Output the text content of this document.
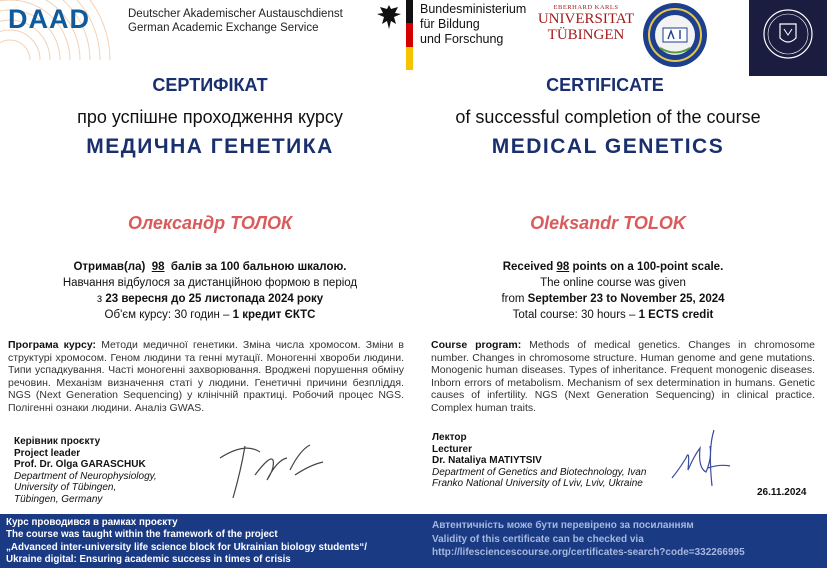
DAAD	Deutscher Akademischer Austauschdienst
German Academic Exchange Service
Bundesministerium
für Bildung
und Forschung
EBERHARD KARLS
UNIVERSITAT
TÜBINGEN
СЕРТИФІКАТ	CERTIFICATE
про успішне проходження курсу	of successful completion of the course
МЕДИЧНА ГЕНЕТИКА	MEDICAL GENETICS
Олександр ТОЛОК	Oleksandr TOLOK
Отримав(ла) 98 балів за 100 бальною шкалою.
Навчання відбулося за дистанційною формою в період
з 23 вересня до 25 листопада 2024 року
Об'єм курсу: 30 годин – 1 кредит ЄКТС
Received 98 points on a 100-point scale.
The online course was given
from September 23 to November 25, 2024
Total course: 30 hours – 1 ECTS credit
Програма курсу: Методи медичної генетики. Зміна числа хромосом. Зміни в структурі хромосом. Геном людини та генні мутації. Моногенні хвороби людини. Типи успадкування. Часті моногенні захворювання. Вроджені порушення обміну речовин. Механізм визначення статі у людини. Генетичні причини безпліддя. NGS (Next Generation Sequencing) у клінічній практиці. Робочий процес NGS. Полігенні ознаки людини. Аналіз GWAS.
Course program: Methods of medical genetics. Changes in chromosome number. Changes in chromosome structure. Human genome and gene mutations. Monogenic human diseases. Types of inheritance. Frequent monogenic diseases. Inborn errors of metabolism. Mechanism of sex determination in humans. Genetic causes of infertility. NGS (Next Generation Sequencing) in clinical practice. Complex human traits.
Керівник проєкту
Project leader
Prof. Dr. Olga GARASCHUK
Department of Neurophysiology,
University of Tübingen,
Tübingen, Germany
Лектор
Lecturer
Dr. Nataliya MATIYTSIV
Department of Genetics and Biotechnology, Ivan
Franko National University of Lviv, Lviv, Ukraine
26.11.2024
Курс проводився в рамках проєкту
The course was taught within the framework of the project
„Advanced inter-university life science block for Ukrainian biology students“/
Ukraine digital: Ensuring academic success in times of crisis
Автентичність може бути перевірено за посиланням
Validity of this certificate can be checked via
http://lifesciencescourse.org/certificates-search?code=332266995
